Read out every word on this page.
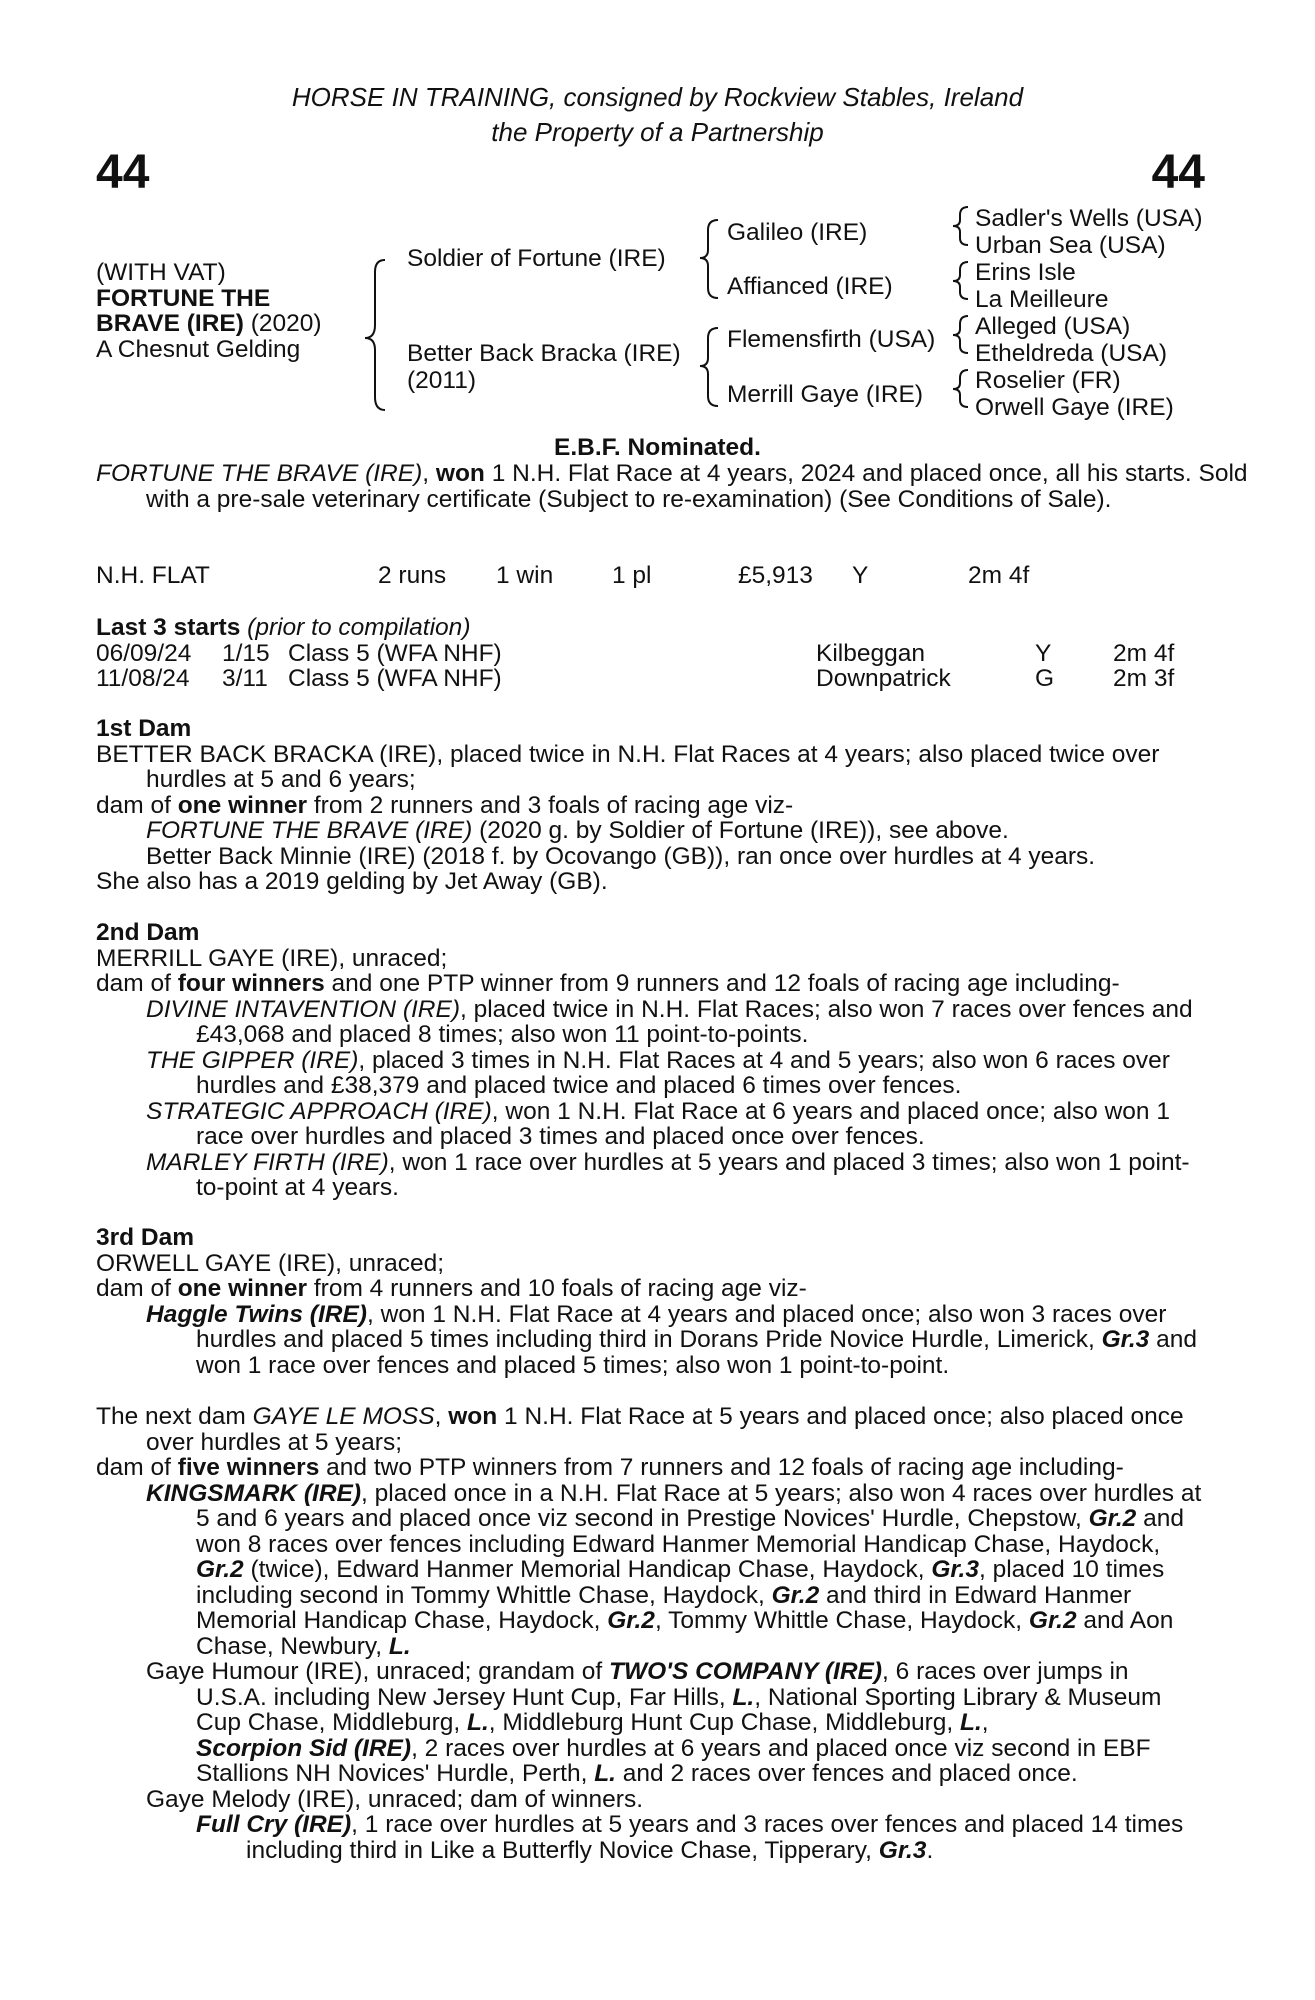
HORSE IN TRAINING, consigned by Rockview Stables, Ireland
the Property of a Partnership
44	44
(WITH VAT)
FORTUNE THE
BRAVE (IRE) (2020)
A Chesnut Gelding
Soldier of Fortune (IRE)
Better Back Bracka (IRE)
(2011)
Galileo (IRE)
Affianced (IRE)
Flemensfirth (USA)
Merrill Gaye (IRE)
Sadler's Wells (USA)
Urban Sea (USA)
Erins Isle
La Meilleure
Alleged (USA)
Etheldreda (USA)
Roselier (FR)
Orwell Gaye (IRE)
E.B.F. Nominated.
FORTUNE THE BRAVE (IRE), won 1 N.H. Flat Race at 4 years, 2024 and placed once, all his starts. Sold with a pre-sale veterinary certificate (Subject to re-examination) (See Conditions of Sale).
N.H. FLAT	2 runs 1 win 1 pl	£5,913 Y	2m 4f
Last 3 starts (prior to compilation)
06/09/24 1/15 Class 5 (WFA NHF)	Kilbeggan	Y	2m 4f
11/08/24 3/11 Class 5 (WFA NHF)	Downpatrick	G 2m 3f
1st Dam

BETTER BACK BRACKA (IRE), placed twice in N.H. Flat Races at 4 years; also placed twice over hurdles at 5 and 6 years;

dam of one winner from 2 runners and 3 foals of racing age viz-

FORTUNE THE BRAVE (IRE) (2020 g. by Soldier of Fortune (IRE)), see above.

Better Back Minnie (IRE) (2018 f. by Ocovango (GB)), ran once over hurdles at 4 years.

She also has a 2019 gelding by Jet Away (GB).

2nd Dam

MERRILL GAYE (IRE), unraced;

dam of four winners and one PTP winner from 9 runners and 12 foals of racing age including-

DIVINE INTAVENTION (IRE), placed twice in N.H. Flat Races; also won 7 races over fences and £43,068 and placed 8 times; also won 11 point-to-points.

THE GIPPER (IRE), placed 3 times in N.H. Flat Races at 4 and 5 years; also won 6 races over hurdles and £38,379 and placed twice and placed 6 times over fences.

STRATEGIC APPROACH (IRE), won 1 N.H. Flat Race at 6 years and placed once; also won 1 race over hurdles and placed 3 times and placed once over fences.

MARLEY FIRTH (IRE), won 1 race over hurdles at 5 years and placed 3 times; also won 1 point-to-point at 4 years.

3rd Dam

ORWELL GAYE (IRE), unraced;

dam of one winner from 4 runners and 10 foals of racing age viz-

Haggle Twins (IRE), won 1 N.H. Flat Race at 4 years and placed once; also won 3 races over hurdles and placed 5 times including third in Dorans Pride Novice Hurdle, Limerick, Gr.3 and won 1 race over fences and placed 5 times; also won 1 point-to-point.

The next dam GAYE LE MOSS, won 1 N.H. Flat Race at 5 years and placed once; also placed once over hurdles at 5 years;

dam of five winners and two PTP winners from 7 runners and 12 foals of racing age including-

KINGSMARK (IRE), placed once in a N.H. Flat Race at 5 years; also won 4 races over hurdles at 5 and 6 years and placed once viz second in Prestige Novices' Hurdle, Chepstow, Gr.2 and won 8 races over fences including Edward Hanmer Memorial Handicap Chase, Haydock, Gr.2 (twice), Edward Hanmer Memorial Handicap Chase, Haydock, Gr.3, placed 10 times including second in Tommy Whittle Chase, Haydock, Gr.2 and third in Edward Hanmer Memorial Handicap Chase, Haydock, Gr.2, Tommy Whittle Chase, Haydock, Gr.2 and Aon Chase, Newbury, L.

Gaye Humour (IRE), unraced; grandam of TWO'S COMPANY (IRE), 6 races over jumps in U.S.A. including New Jersey Hunt Cup, Far Hills, L., National Sporting Library & Museum Cup Chase, Middleburg, L., Middleburg Hunt Cup Chase, Middleburg, L.,
Scorpion Sid (IRE), 2 races over hurdles at 6 years and placed once viz second in EBF Stallions NH Novices' Hurdle, Perth, L. and 2 races over fences and placed once.

Gaye Melody (IRE), unraced; dam of winners.

Full Cry (IRE), 1 race over hurdles at 5 years and 3 races over fences and placed 14 times including third in Like a Butterfly Novice Chase, Tipperary, Gr.3.
